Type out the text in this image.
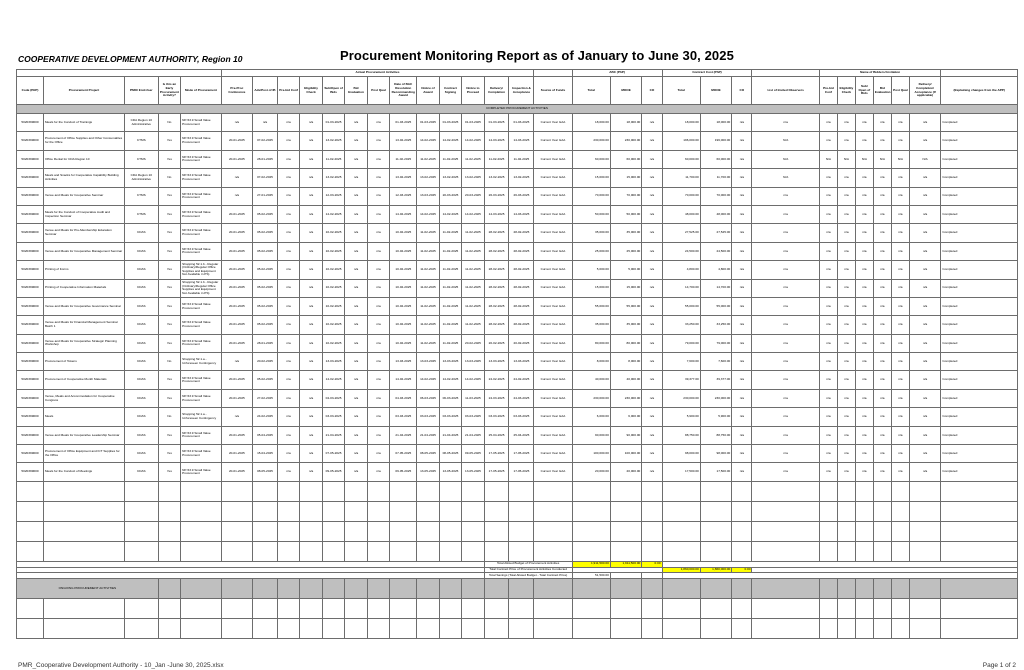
COOPERATIVE DEVELOPMENT AUTHORITY, Region 10	Procurement Monitoring Report as of January to June 30, 2025
					Actual Procurement Activities														ABC (PhP)			Contract Cost (PhP)				Name of Bidders/ Invitation						
Code (PAP)	Procurement Project	PMO/ End-User	Is this an Early Procurement Activity?	Mode of Procurement	Pre-Proc Conference	Ads/Post of IB	Pre-bid Conf	Eligibility Check	Sub/Open of Bids	Bid Evaluation	Post Qual	Date of BAC Resolution Recommending Award	Notice of Award	Contract Signing	Notice to Proceed	Delivery/ Completion	Inspection & Acceptance	Source of Funds	Total	MOOE	CO	Total	MOOE	CO	List of Invited Observers	Pre-bid Conf	Eligibility Check	Sub/ Open of Bids	Bid Evaluation	Post Qual	Delivery/ Completion/ Acceptance (If applicable)	(Explaining changes from the APP)
COMPLETED PROCUREMENT ACTIVITIES																																
5020399000	Meals for the Conduct of Trainings	CDA Region 10 Administrative	No	NP-53.9 Small Value Procurement	n/a	n/a	n/a	n/a	01-03-2025	n/a	n/a	01-03-2025	01-03-2025	01-03-2025	01-03-2025	01-03-2025	01-03-2025	Current Year GAA	18,000.00	18,000.00	n/a	18,000.00	18,000.00	n/a	n/a	n/a	n/a	n/a	n/a	n/a	n/a	Completed
5020399000	Procurement of Office Supplies and Other Consumables for the Office	CTMS	Yes	NP-53.9 Small Value Procurement	20-01-2025	07-02-2025	n/a	n/a	13-02-2025	n/a	n/a	13-02-2025	14-02-2025	14-02-2025	14-02-2025	14-03-2025	14-03-2025	Current Year GAA	230,000.00	230,000.00	n/a	196,000.00	196,000.00	n/a	N/A	n/a	n/a	n/a	n/a	n/a	n/a	Completed
5020399000	Office Rental for CDA Region 10	CTMS	Yes	NP-53.9 Small Value Procurement	20-01-2025	28-01-2025	n/a	n/a	11-02-2025	n/a	n/a	11-02-2025	11-02-2025	11-02-2025	11-02-2025	11-02-2025	11-02-2025	Current Year GAA	60,000.00	60,000.00	n/a	60,000.00	60,000.00	n/a	N/A	N/A	N/A	N/A	N/A	N/A	N/A	Completed
5020399000	Meals and Snacks for Cooperative Capability Building Activities	CDA Region 10 Administrative	No	NP-53.9 Small Value Procurement	n/a	07-02-2025	n/a	n/a	13-02-2025	n/a	n/a	13-02-2025	13-02-2025	13-02-2025	13-02-2025	13-02-2025	13-02-2025	Current Year GAA	15,000.00	15,000.00	n/a	11,700.00	11,700.00	n/a	N/A	n/a	n/a	n/a	n/a	n/a	n/a	Completed
5020399000	Venue and Meals for Cooperative Seminar	CTMS	Yes	NP-53.9 Small Value Procurement	n/a	27-01-2025	n/a	n/a	12-03-2025	n/a	n/a	12-03-2025	13-03-2025	20-03-2025	20-03-2025	26-03-2025	26-03-2025	Current Year GAA	70,000.00	70,000.00	n/a	70,000.00	70,000.00	n/a	n/a	n/a	n/a	n/a	n/a	n/a	n/a	Completed
5020399000	Meals for the Conduct of Cooperative Audit and Inspection Seminar	CTMS	Yes	NP-53.9 Small Value Procurement	20-01-2025	05-02-2025	n/a	n/a	14-02-2025	n/a	n/a	14-02-2025	14-02-2025	14-02-2025	14-02-2025	14-03-2025	14-03-2025	Current Year GAA	50,000.00	50,000.00	n/a	48,000.00	48,000.00	n/a	n/a	n/a	n/a	n/a	n/a	n/a	n/a	Completed
5020399000	Venue and Meals for Pre-Membership Education Seminar	CDAS	Yes	NP-53.9 Small Value Procurement	20-01-2025	05-02-2025	n/a	n/a	10-02-2025	n/a	n/a	10-02-2025	11-02-2025	11-02-2025	11-02-2025	28-02-2025	28-02-2025	Current Year GAA	35,000.00	35,000.00	n/a	27,525.00	27,525.00	n/a	n/a	n/a	n/a	n/a	n/a	n/a	n/a	Completed
5020399000	Venue and Meals for Cooperative Management Seminar	CDAS	Yes	NP-53.9 Small Value Procurement	20-01-2025	05-02-2025	n/a	n/a	10-02-2025	n/a	n/a	10-02-2025	11-02-2025	11-02-2025	11-02-2025	28-02-2025	28-02-2025	Current Year GAA	25,000.00	25,000.00	n/a	24,500.00	24,500.00	n/a	n/a	n/a	n/a	n/a	n/a	n/a	n/a	Completed
5020399000	Printing of Forms	CDAS	Yes	Shopping 52.1.b - Regular (Ordinary/Regular Office Supplies and Equipment Not Available in PS)	20-01-2025	05-02-2025	n/a	n/a	10-02-2025	n/a	n/a	10-02-2025	11-02-2025	11-02-2025	11-02-2025	28-02-2025	28-02-2025	Current Year GAA	5,000.00	5,000.00	n/a	4,800.00	4,800.00	n/a	n/a	n/a	n/a	n/a	n/a	n/a	n/a	Completed
5020399000	Printing of Cooperative Information Materials	CDAS	Yes	Shopping 52.1.b - Regular (Ordinary/Regular Office Supplies and Equipment Not Available in PS)	20-01-2025	05-02-2025	n/a	n/a	10-02-2025	n/a	n/a	10-02-2025	11-02-2025	11-02-2025	11-02-2025	28-02-2025	28-02-2025	Current Year GAA	15,000.00	15,000.00	n/a	14,700.00	14,700.00	n/a	n/a	n/a	n/a	n/a	n/a	n/a	n/a	Completed
5020399000	Venue and Meals for Cooperative Governance Seminar	CDAS	Yes	NP-53.9 Small Value Procurement	20-01-2025	05-02-2025	n/a	n/a	10-02-2025	n/a	n/a	10-02-2025	11-02-2025	11-02-2025	11-02-2025	28-02-2025	28-02-2025	Current Year GAA	55,000.00	55,000.00	n/a	55,000.00	55,000.00	n/a	n/a	n/a	n/a	n/a	n/a	n/a	n/a	Completed
5020399000	Venue and Meals for Financial Management Seminar Batch 1	CDAS	Yes	NP-53.9 Small Value Procurement	20-01-2025	05-02-2025	n/a	n/a	10-02-2025	n/a	n/a	10-02-2025	11-02-2025	11-02-2025	11-02-2025	28-02-2025	28-02-2025	Current Year GAA	35,000.00	35,000.00	n/a	33,250.00	33,250.00	n/a	n/a	n/a	n/a	n/a	n/a	n/a	n/a	Completed
5020399000	Venue and Meals for Cooperative Strategic Planning Workshop	CDAS	Yes	NP-53.9 Small Value Procurement	20-01-2025	28-01-2025	n/a	n/a	10-02-2025	n/a	n/a	10-02-2025	11-02-2025	11-02-2025	20-02-2025	20-02-2025	20-02-2025	Current Year GAA	80,000.00	80,000.00	n/a	79,000.00	79,000.00	n/a	n/a	n/a	n/a	n/a	n/a	n/a	n/a	Completed
5020399000	Procurement of Tokens	CDAS	No	Shopping 52.1.a - Unforeseen Contingency	n/a	20-02-2025	n/a	n/a	13-03-2025	n/a	n/a	13-03-2025	13-03-2025	13-03-2025	13-03-2025	13-03-2025	13-03-2025	Current Year GAA	8,000.00	8,000.00	n/a	7,600.00	7,600.00	n/a	n/a	n/a	n/a	n/a	n/a	n/a	n/a	Completed
5020399000	Procurement of Cooperative Month Materials	CDAS	Yes	NP-53.9 Small Value Procurement	20-01-2025	05-02-2025	n/a	n/a	14-02-2025	n/a	n/a	14-02-2025	14-02-2025	14-02-2025	14-02-2025	24-02-2025	24-02-2025	Current Year GAA	40,000.00	40,000.00	n/a	39,377.00	39,377.00	n/a	n/a	n/a	n/a	n/a	n/a	n/a	n/a	Completed
5020399000	Venue, Meals and Accommodation for Cooperative Congress	CDAS	Yes	NP-53.9 Small Value Procurement	20-01-2025	27-02-2025	n/a	n/a	04-03-2025	n/a	n/a	04-03-2025	06-03-2025	06-03-2025	11-03-2025	24-03-2025	24-03-2025	Current Year GAA	230,000.00	230,000.00	n/a	230,000.00	230,000.00	n/a	n/a	n/a	n/a	n/a	n/a	n/a	n/a	Completed
5020399000	Meals	CDAS	No	Shopping 52.1.a - Unforeseen Contingency	n/a	24-02-2025	n/a	n/a	03-03-2025	n/a	n/a	03-03-2025	03-03-2025	03-03-2025	03-03-2025	03-03-2025	03-03-2025	Current Year GAA	6,000.00	6,000.00	n/a	5,900.00	5,900.00	n/a	n/a	n/a	n/a	n/a	n/a	n/a	n/a	Completed
5020399000	Venue and Meals for Cooperative Leadership Seminar	CDAS	Yes	NP-53.9 Small Value Procurement	20-01-2025	05-04-2025	n/a	n/a	21-04-2025	n/a	n/a	21-04-2025	21-04-2025	21-04-2025	21-04-2025	25-04-2025	25-04-2025	Current Year GAA	90,000.00	90,000.00	n/a	88,750.00	88,750.00	n/a	n/a	n/a	n/a	n/a	n/a	n/a	n/a	Completed
5020399000	Procurement of Office Equipment and ICT Supplies for the Office	CDAS	Yes	NP-53.9 Small Value Procurement	20-01-2025	15-04-2025	n/a	n/a	07-05-2025	n/a	n/a	07-05-2025	08-05-2025	08-05-2025	09-05-2025	17-05-2025	17-05-2025	Current Year GAA	100,000.00	100,000.00	n/a	98,000.00	98,000.00	n/a	n/a	n/a	n/a	n/a	n/a	n/a	n/a	Completed
5020399000	Meals for the Conduct of Meetings	CDAS	Yes	NP-53.9 Small Value Procurement	20-01-2025	08-05-2025	n/a	n/a	09-05-2025	n/a	n/a	09-05-2025	13-05-2025	13-05-2025	13-05-2025	17-05-2025	17-05-2025	Current Year GAA	20,000.00	20,000.00	n/a	17,500.00	17,500.00	n/a	n/a	n/a	n/a	n/a	n/a	n/a	n/a	Completed

																Total Alloted Budget of Procurement Activities			1,911,500.00	1,911,500.00	0.00											
																Total Contract Price of Procurement Activities Conducted						1,860,000.00	1,860,000.00	0.00								
																Total Savings (Total Alloted Budget - Total Contract Price)			51,500.00													
ONGOING PROCUREMENT ACTIVITIES																																

PMR_Cooperative Development Authority - 10_Jan -June 30, 2025.xlsx	Page 1 of 2
